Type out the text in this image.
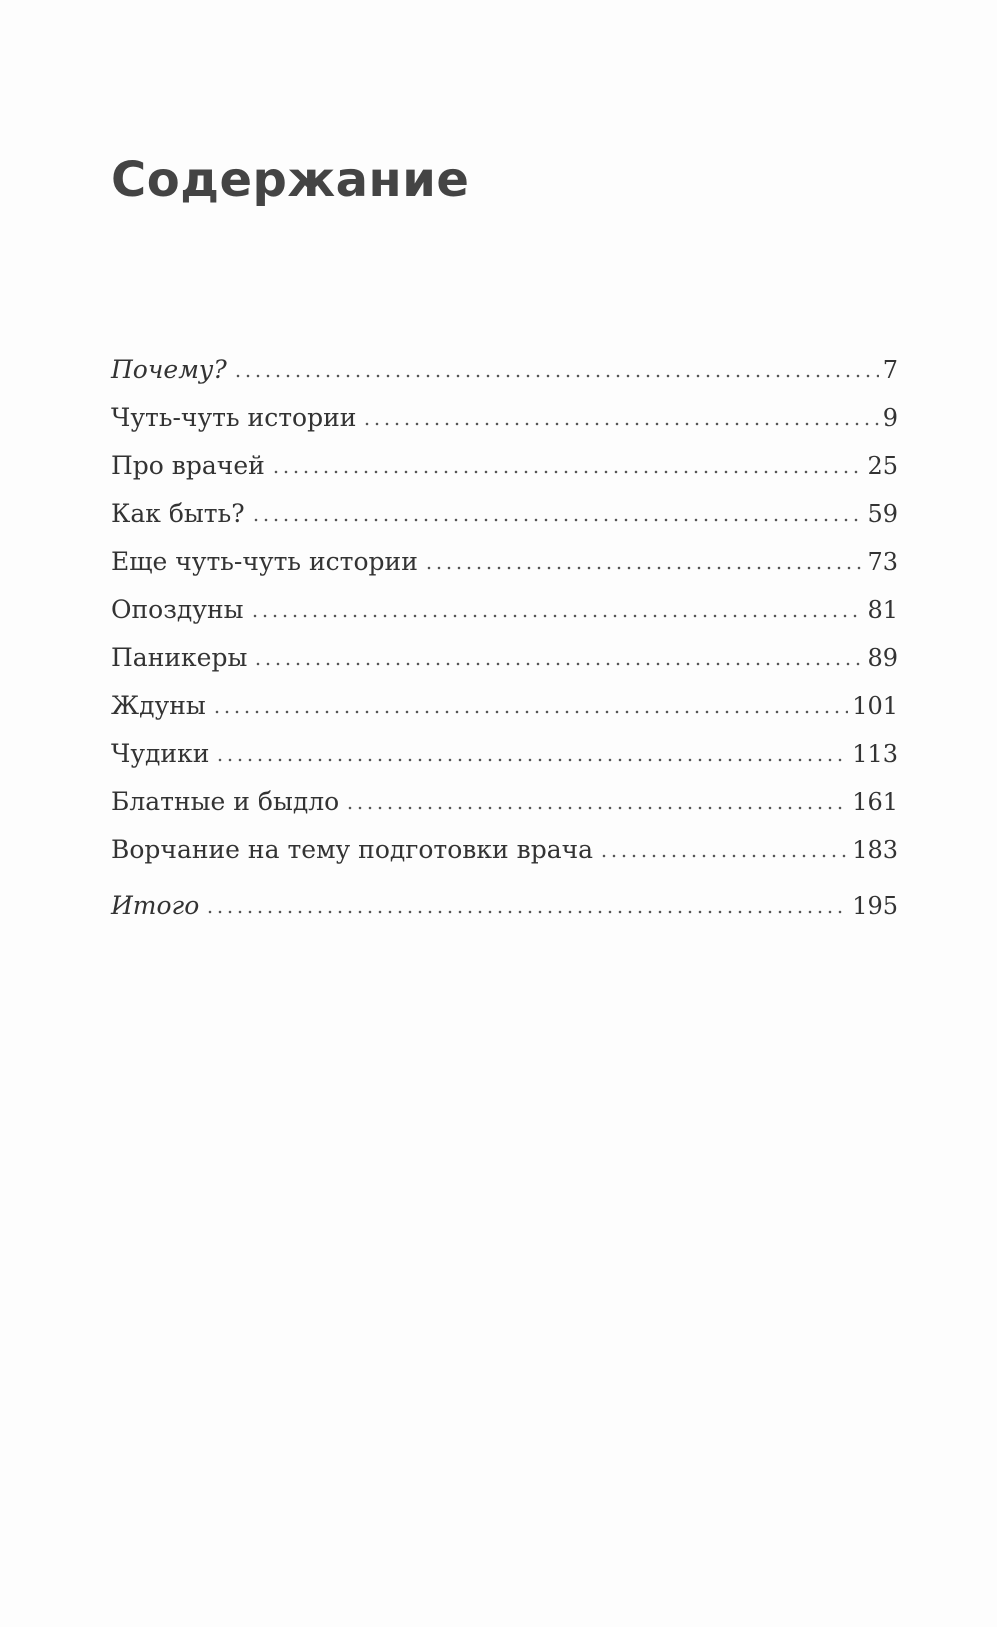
Содержание
Почему?	7
Чуть-чуть истории	9
Про врачей	25
Как быть?	59
Еще чуть-чуть истории	73
Опоздуны	81
Паникеры	89
Ждуны	101
Чудики	113
Блатные и быдло	161
Ворчание на тему подготовки врача	183
Итого	195
